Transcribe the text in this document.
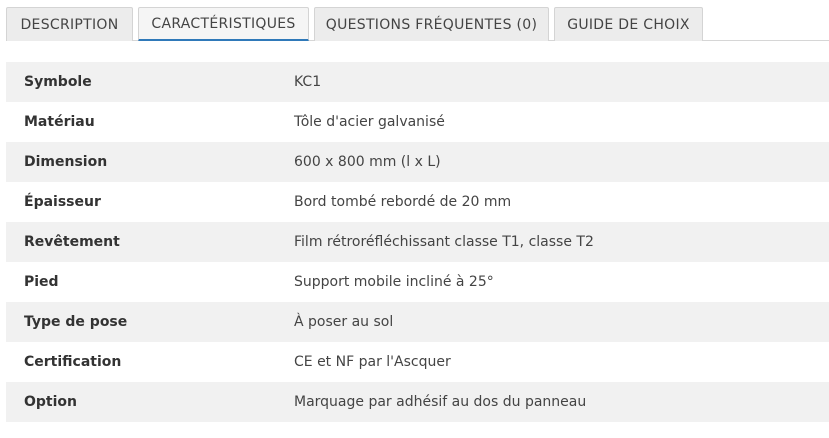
DESCRIPTION	CARACTÉRISTIQUES	QUESTIONS FRÉQUENTES (0)	GUIDE DE CHOIX
Symbole	KC1
Matériau	Tôle d'acier galvanisé
Dimension	600 x 800 mm (l x L)
Épaisseur	Bord tombé rebordé de 20 mm
Revêtement	Film rétroréfléchissant classe T1, classe T2
Pied	Support mobile incliné à 25°
Type de pose	À poser au sol
Certification	CE et NF par l'Ascquer
Option	Marquage par adhésif au dos du panneau
